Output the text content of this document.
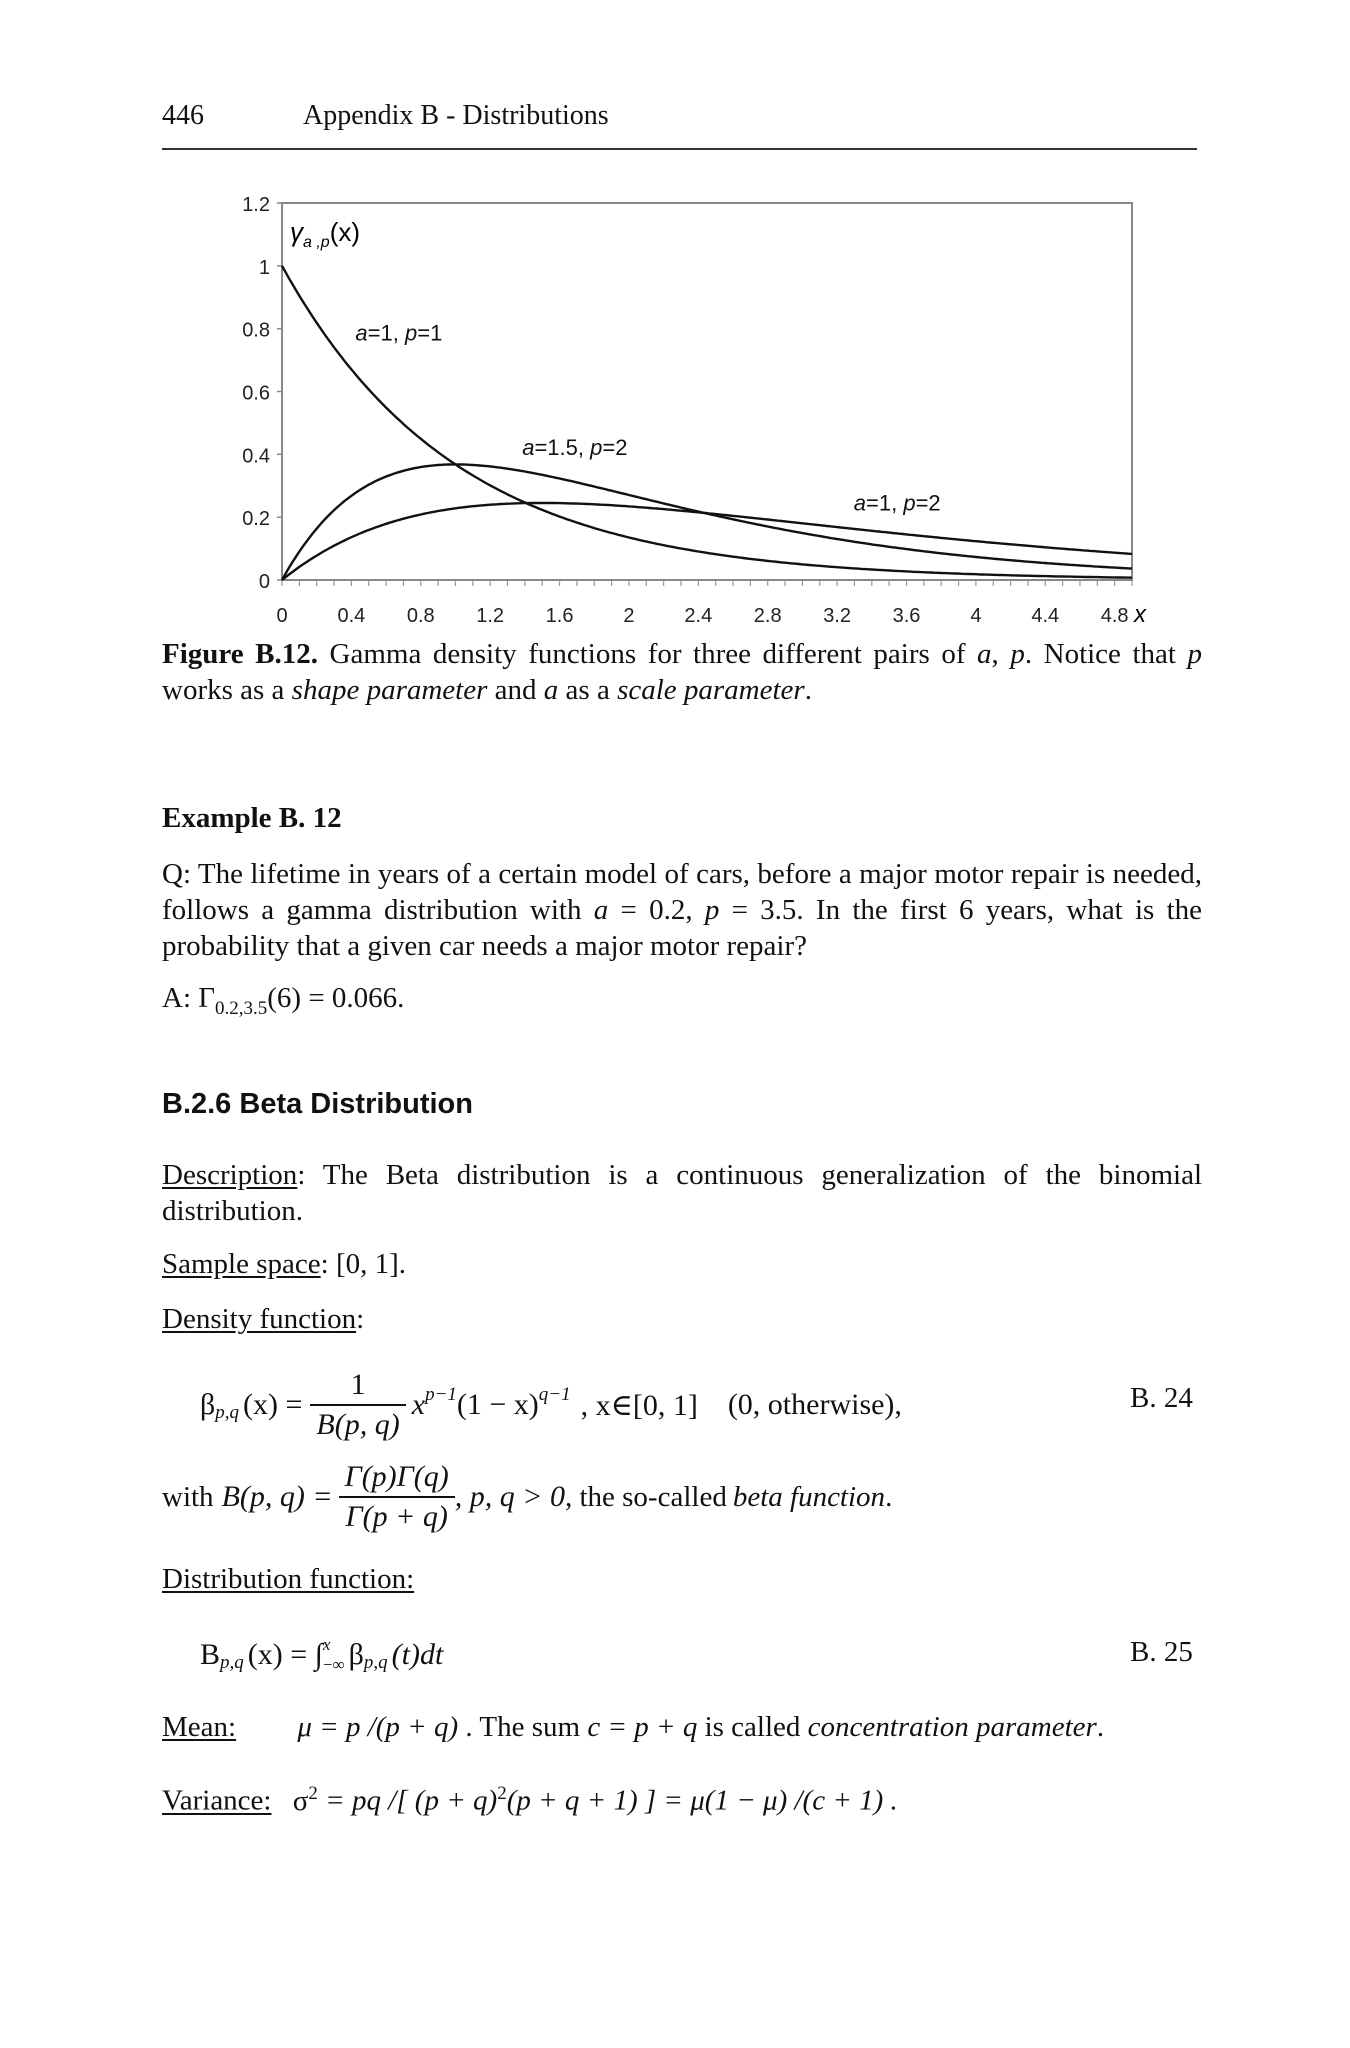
446	Appendix B - Distributions
0
0.2
0.4
0.6
0.8
1
1.2
0 0.4 0.8 1.2 1.6 2 2.4 2.8 3.2 3.6 4 4.4 4.8
$\gamma_{a ,p}(x)$
x
a=1, p=1
a=1.5, p=2
a=1, p=2
Figure B.12. Gamma density functions for three different pairs of a, p. Notice that p works as a shape parameter and a as a scale parameter.
Example B. 12
Q: The lifetime in years of a certain model of cars, before a major motor repair is needed, follows a gamma distribution with a = 0.2, p = 3.5. In the first 6 years, what is the probability that a given car needs a major motor repair?
A: $\Gamma_{0.2,3.5}(6) = 0.066$.
B.2.6 Beta Distribution
Description: The Beta distribution is a continuous generalization of the binomial distribution.
Sample space: [0, 1].
Density function:
$\beta_{p,q}$ $(x) = \frac{1}{B(p, q)} x^{p-1}$ $(1 - x)^{q-1}$ , x∈[0, 1] (0, otherwise),	B. 24
with B(p, $q) = \frac{\Gamma(p)\Gamma(q)}{\Gamma(p + q)}$ , p, q > 0 , the so-called beta function .
Distribution function:
$B_{p,q}$ (x) = ∫ x
−∞ $\beta_{p,q}$ (t)dt	B. 25
Mean: μ = p /(p + q) . The sum c = p + q is called concentration parameter.
Variance: $\sigma^2$ = pq /[ $(p + q)^2(p + q + 1)$ ] = μ(1 − μ) /(c + 1) .
